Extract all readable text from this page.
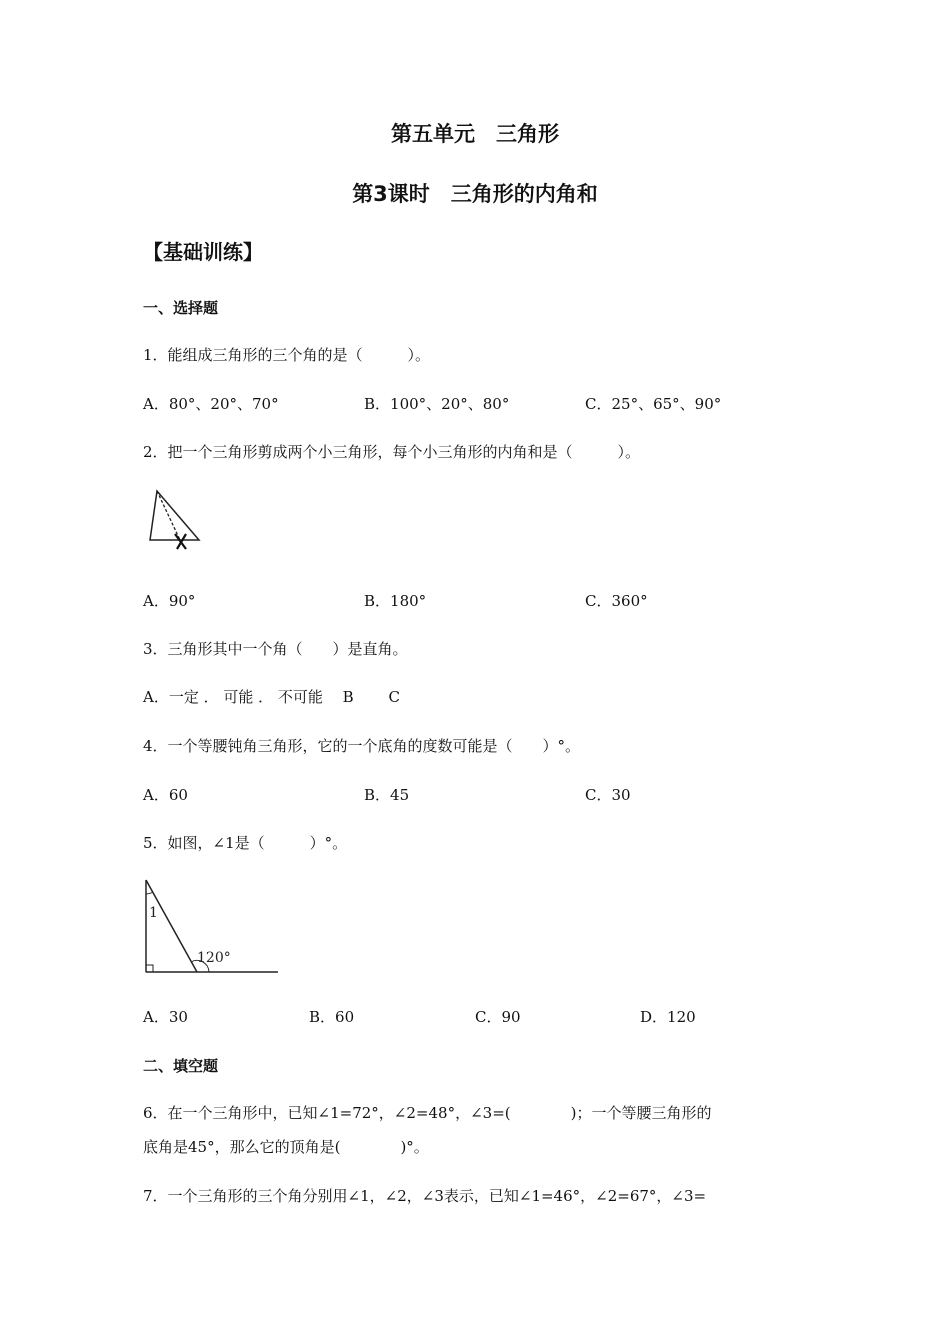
第五单元　三角形
第3课时　三角形的内角和
【基础训练】
一、选择题
1．能组成三角形的三个角的是（　　　）。
A．80°、20°、70°	B．100°、20°、80°	C．25°、65°、90°
2．把一个三角形剪成两个小三角形，每个小三角形的内角和是（　　　）。
A．90°	B．180°	C．360°
3．三角形其中一个角（　　）是直角。
A．一定 ． 可能 ． 不可能　 B　　 C
4．一个等腰钝角三角形，它的一个底角的度数可能是（　　）°。
A．60	B．45	C．30
5．如图，∠1是（　　　）°。
1
120°
A．30	B．60	C．90	D．120
二、填空题
6．在一个三角形中，已知∠1=72°，∠2=48°，∠3=(　　　　)；一个等腰三角形的
底角是45°，那么它的顶角是(　　　　)°。
7．一个三角形的三个角分别用∠1，∠2，∠3表示，已知∠1=46°，∠2=67°，∠3=
